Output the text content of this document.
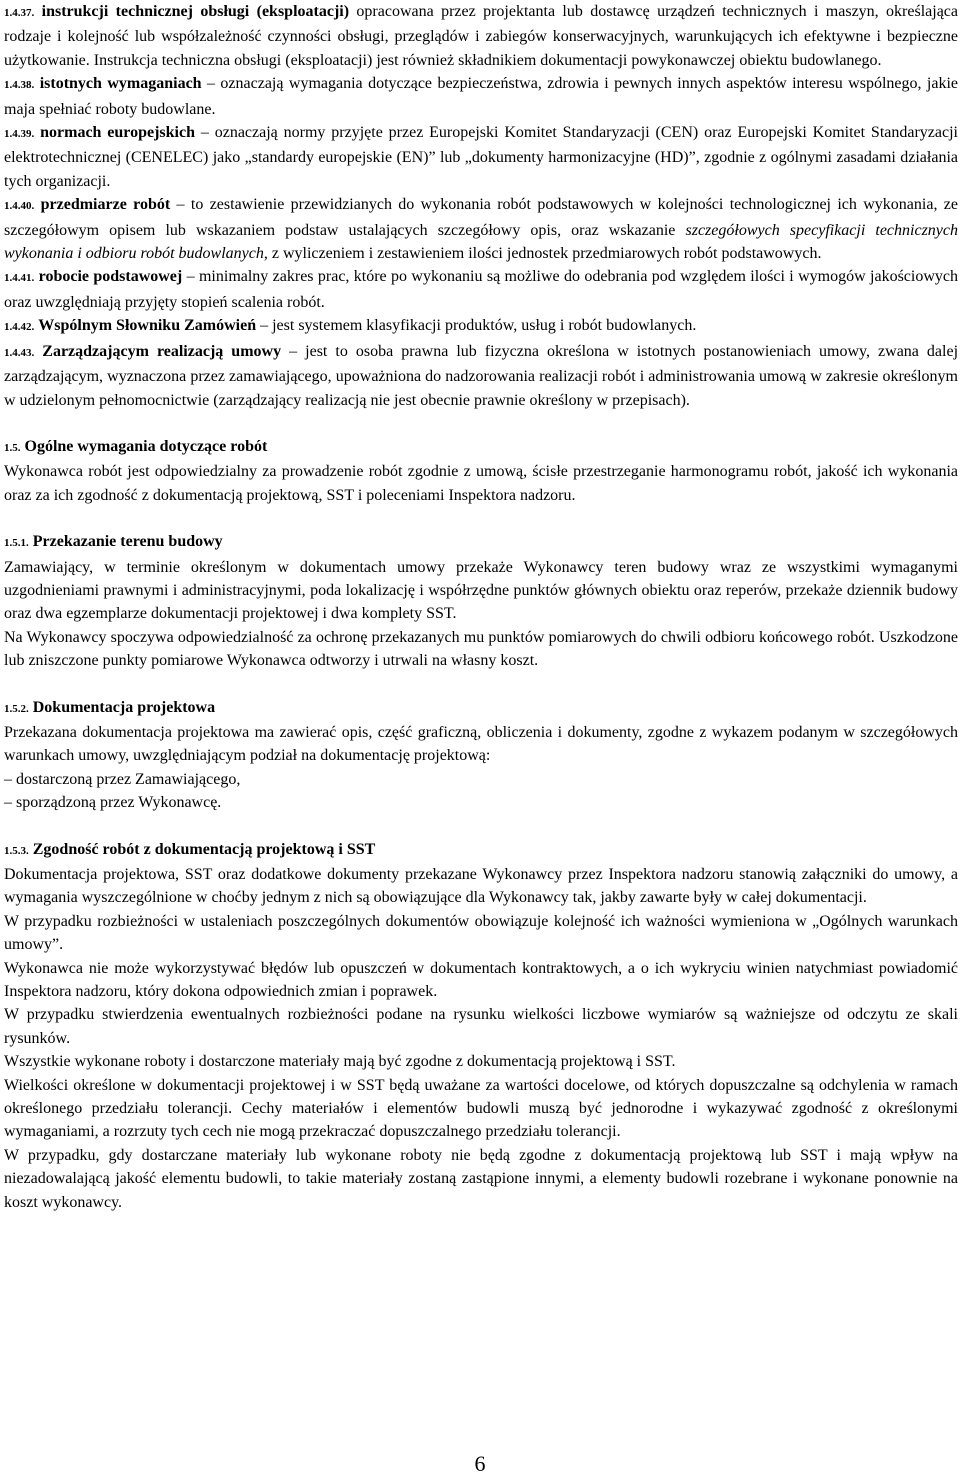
1.4.37. instrukcji technicznej obsługi (eksploatacji) opracowana przez projektanta lub dostawcę urządzeń technicznych i maszyn, określająca rodzaje i kolejność lub współzależność czynności obsługi, przeglądów i zabiegów konserwacyjnych, warunkujących ich efektywne i bezpieczne użytkowanie. Instrukcja techniczna obsługi (eksploatacji) jest również składnikiem dokumentacji powykonawczej obiektu budowlanego.

1.4.38. istotnych wymaganiach – oznaczają wymagania dotyczące bezpieczeństwa, zdrowia i pewnych innych aspektów interesu wspólnego, jakie maja spełniać roboty budowlane.

1.4.39. normach europejskich – oznaczają normy przyjęte przez Europejski Komitet Standaryzacji (CEN) oraz Europejski Komitet Standaryzacji elektrotechnicznej (CENELEC) jako „standardy europejskie (EN)” lub „dokumenty harmonizacyjne (HD)”, zgodnie z ogólnymi zasadami działania tych organizacji.

1.4.40. przedmiarze robót – to zestawienie przewidzianych do wykonania robót podstawowych w kolejności technologicznej ich wykonania, ze szczegółowym opisem lub wskazaniem podstaw ustalających szczegółowy opis, oraz wskazanie szczegółowych specyfikacji technicznych wykonania i odbioru robót budowlanych, z wyliczeniem i zestawieniem ilości jednostek przedmiarowych robót podstawowych.

1.4.41. robocie podstawowej – minimalny zakres prac, które po wykonaniu są możliwe do odebrania pod względem ilości i wymogów jakościowych oraz uwzględniają przyjęty stopień scalenia robót.

1.4.42. Wspólnym Słowniku Zamówień – jest systemem klasyfikacji produktów, usług i robót budowlanych.

1.4.43. Zarządzającym realizacją umowy – jest to osoba prawna lub fizyczna określona w istotnych postanowieniach umowy, zwana dalej zarządzającym, wyznaczona przez zamawiającego, upoważniona do nadzorowania realizacji robót i administrowania umową w zakresie określonym w udzielonym pełnomocnictwie (zarządzający realizacją nie jest obecnie prawnie określony w przepisach).

1.5. Ogólne wymagania dotyczące robót

Wykonawca robót jest odpowiedzialny za prowadzenie robót zgodnie z umową, ścisłe przestrzeganie harmonogramu robót, jakość ich wykonania oraz za ich zgodność z dokumentacją projektową, SST i poleceniami Inspektora nadzoru.

1.5.1. Przekazanie terenu budowy

Zamawiający, w terminie określonym w dokumentach umowy przekaże Wykonawcy teren budowy wraz ze wszystkimi wymaganymi uzgodnieniami prawnymi i administracyjnymi, poda lokalizację i współrzędne punktów głównych obiektu oraz reperów, przekaże dziennik budowy oraz dwa egzemplarze dokumentacji projektowej i dwa komplety SST.

Na Wykonawcy spoczywa odpowiedzialność za ochronę przekazanych mu punktów pomiarowych do chwili odbioru końcowego robót. Uszkodzone lub zniszczone punkty pomiarowe Wykonawca odtworzy i utrwali na własny koszt.

1.5.2. Dokumentacja projektowa

Przekazana dokumentacja projektowa ma zawierać opis, część graficzną, obliczenia i dokumenty, zgodne z wykazem podanym w szczegółowych warunkach umowy, uwzględniającym podział na dokumentację projektową:

– dostarczoną przez Zamawiającego,

– sporządzoną przez Wykonawcę.

1.5.3. Zgodność robót z dokumentacją projektową i SST

Dokumentacja projektowa, SST oraz dodatkowe dokumenty przekazane Wykonawcy przez Inspektora nadzoru stanowią załączniki do umowy, a wymagania wyszczególnione w choćby jednym z nich są obowiązujące dla Wykonawcy tak, jakby zawarte były w całej dokumentacji.

W przypadku rozbieżności w ustaleniach poszczególnych dokumentów obowiązuje kolejność ich ważności wymieniona w „Ogólnych warunkach umowy”.

Wykonawca nie może wykorzystywać błędów lub opuszczeń w dokumentach kontraktowych, a o ich wykryciu winien natychmiast powiadomić Inspektora nadzoru, który dokona odpowiednich zmian i poprawek.

W przypadku stwierdzenia ewentualnych rozbieżności podane na rysunku wielkości liczbowe wymiarów są ważniejsze od odczytu ze skali rysunków.

Wszystkie wykonane roboty i dostarczone materiały mają być zgodne z dokumentacją projektową i SST.

Wielkości określone w dokumentacji projektowej i w SST będą uważane za wartości docelowe, od których dopuszczalne są odchylenia w ramach określonego przedziału tolerancji. Cechy materiałów i elementów budowli muszą być jednorodne i wykazywać zgodność z określonymi wymaganiami, a rozrzuty tych cech nie mogą przekraczać dopuszczalnego przedziału tolerancji.

W przypadku, gdy dostarczane materiały lub wykonane roboty nie będą zgodne z dokumentacją projektową lub SST i mają wpływ na niezadowalającą jakość elementu budowli, to takie materiały zostaną zastąpione innymi, a elementy budowli rozebrane i wykonane ponownie na koszt wykonawcy.

6
